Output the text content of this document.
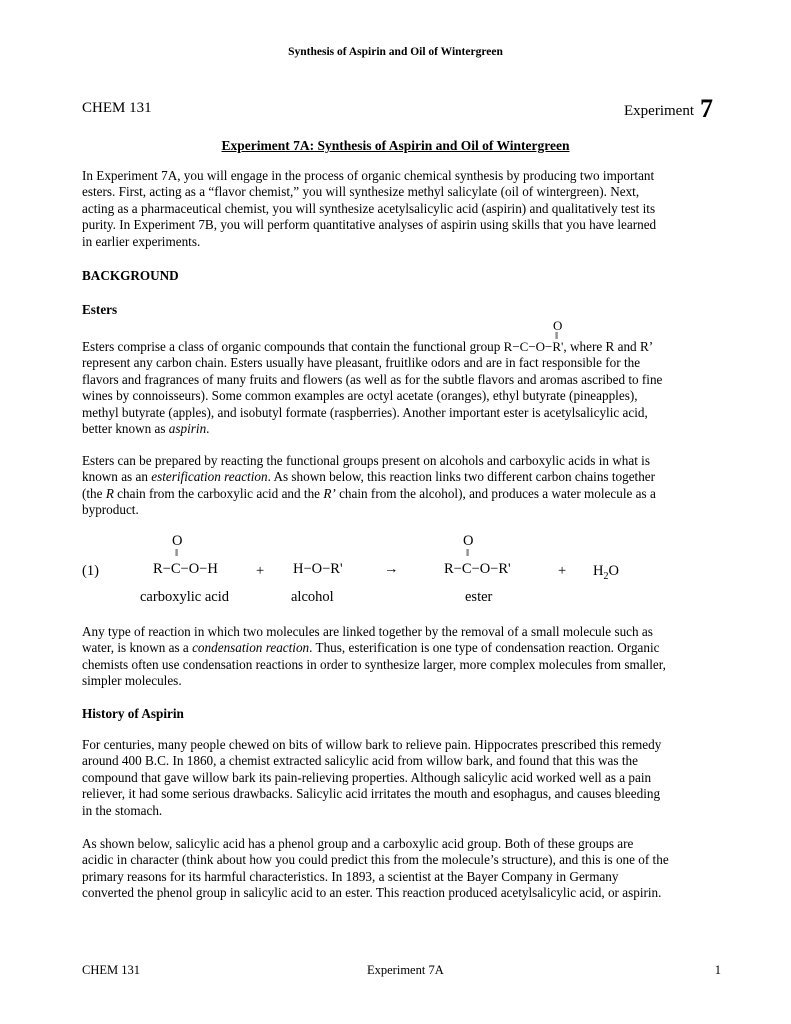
Synthesis of Aspirin and Oil of Wintergreen
CHEM 131	Experiment 7
Experiment 7A: Synthesis of Aspirin and Oil of Wintergreen
In Experiment 7A, you will engage in the process of organic chemical synthesis by producing two important
esters. First, acting as a “flavor chemist,” you will synthesize methyl salicylate (oil of wintergreen). Next,
acting as a pharmaceutical chemist, you will synthesize acetylsalicylic acid (aspirin) and qualitatively test its
purity. In Experiment 7B, you will perform quantitative analyses of aspirin using skills that you have learned
in earlier experiments.
BACKGROUND
Esters
O
‖
Esters comprise a class of organic compounds that contain the functional group R−C−O−R', where R and R’
represent any carbon chain. Esters usually have pleasant, fruitlike odors and are in fact responsible for the
flavors and fragrances of many fruits and flowers (as well as for the subtle flavors and aromas ascribed to fine
wines by connoisseurs). Some common examples are octyl acetate (oranges), ethyl butyrate (pineapples),
methyl butyrate (apples), and isobutyl formate (raspberries). Another important ester is acetylsalicylic acid,
better known as aspirin.
Esters can be prepared by reacting the functional groups present on alcohols and carboxylic acids in what is
known as an esterification reaction. As shown below, this reaction links two different carbon chains together
(the R chain from the carboxylic acid and the R’ chain from the alcohol), and produces a water molecule as a
byproduct.
(1)
O
‖
R−C−O−H	+ H−O−R'	→
O
‖
R−C−O−R'	+ $H_2O$
carboxylic acid	alcohol	ester
Any type of reaction in which two molecules are linked together by the removal of a small molecule such as
water, is known as a condensation reaction. Thus, esterification is one type of condensation reaction. Organic
chemists often use condensation reactions in order to synthesize larger, more complex molecules from smaller,
simpler molecules.
History of Aspirin
For centuries, many people chewed on bits of willow bark to relieve pain. Hippocrates prescribed this remedy
around 400 B.C. In 1860, a chemist extracted salicylic acid from willow bark, and found that this was the
compound that gave willow bark its pain-relieving properties. Although salicylic acid worked well as a pain
reliever, it had some serious drawbacks. Salicylic acid irritates the mouth and esophagus, and causes bleeding
in the stomach.
As shown below, salicylic acid has a phenol group and a carboxylic acid group. Both of these groups are
acidic in character (think about how you could predict this from the molecule’s structure), and this is one of the
primary reasons for its harmful characteristics. In 1893, a scientist at the Bayer Company in Germany
converted the phenol group in salicylic acid to an ester. This reaction produced acetylsalicylic acid, or aspirin.
CHEM 131	Experiment 7A	1
